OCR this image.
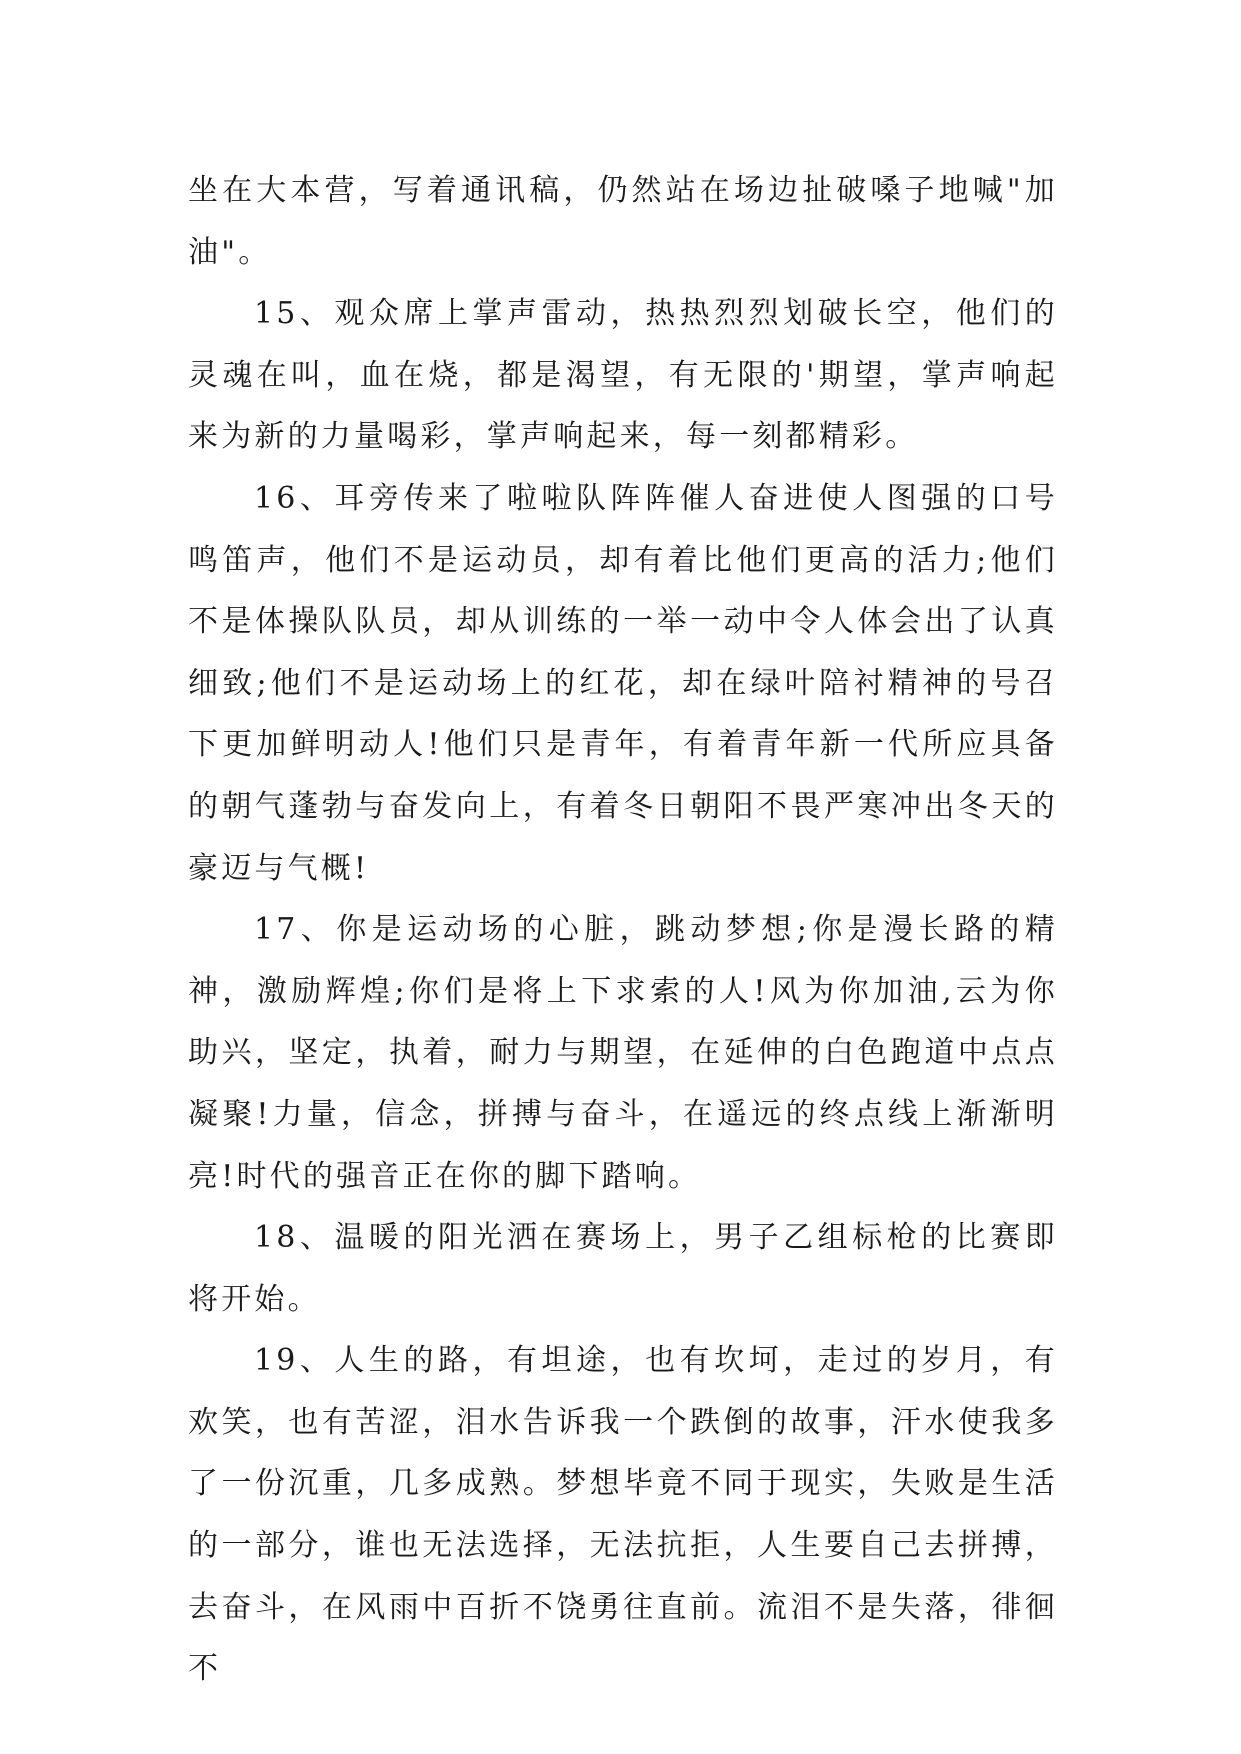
坐在大本营，写着通讯稿，仍然站在场边扯破嗓子地喊"加油"。

15、观众席上掌声雷动，热热烈烈划破长空，他们的灵魂在叫，血在烧，都是渴望，有无限的'期望，掌声响起来为新的力量喝彩，掌声响起来，每一刻都精彩。

16、耳旁传来了啦啦队阵阵催人奋进使人图强的口号鸣笛声，他们不是运动员，却有着比他们更高的活力;他们不是体操队队员，却从训练的一举一动中令人体会出了认真细致;他们不是运动场上的红花，却在绿叶陪衬精神的号召下更加鲜明动人!他们只是青年，有着青年新一代所应具备的朝气蓬勃与奋发向上，有着冬日朝阳不畏严寒冲出冬天的豪迈与气概!

17、你是运动场的心脏，跳动梦想;你是漫长路的精神，激励辉煌;你们是将上下求索的人!风为你加油,云为你助兴，坚定，执着，耐力与期望，在延伸的白色跑道中点点凝聚!力量，信念，拼搏与奋斗，在遥远的终点线上渐渐明亮!时代的强音正在你的脚下踏响。

18、温暖的阳光洒在赛场上，男子乙组标枪的比赛即将开始。

19、人生的路，有坦途，也有坎坷，走过的岁月，有欢笑，也有苦涩，泪水告诉我一个跌倒的故事，汗水使我多了一份沉重，几多成熟。梦想毕竟不同于现实，失败是生活的一部分，谁也无法选择，无法抗拒，人生要自己去拼搏，去奋斗，在风雨中百折不饶勇往直前。流泪不是失落，徘徊不
